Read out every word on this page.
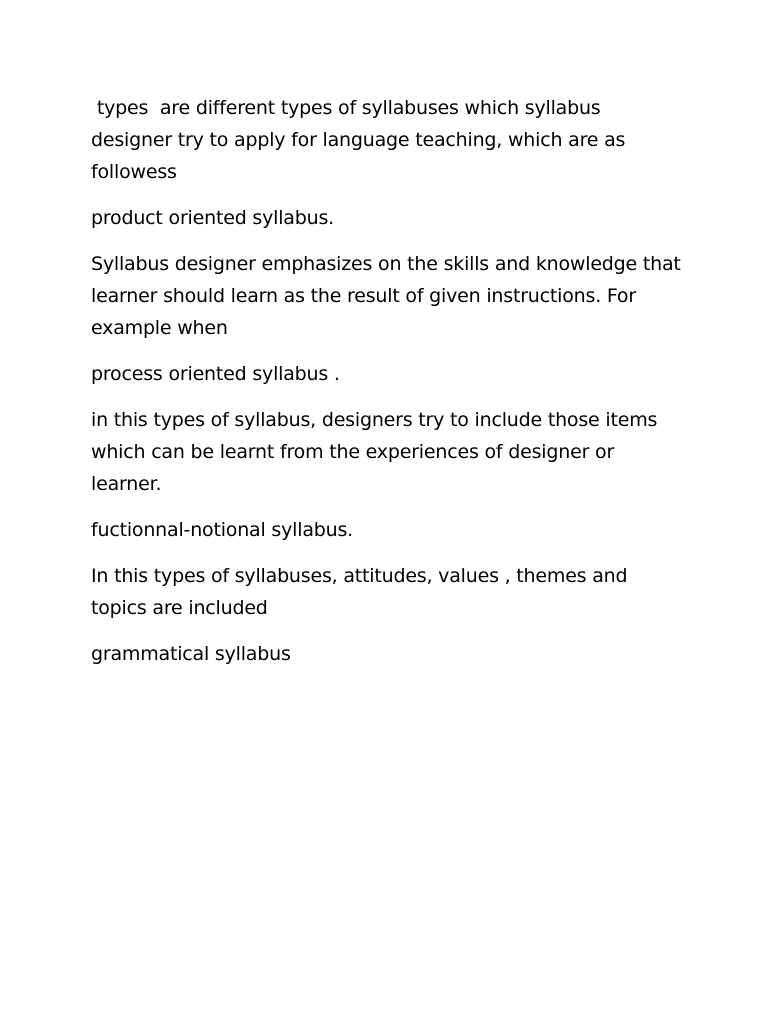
types  are different types of syllabuses which syllabus designer try to apply for language teaching, which are as followess

product oriented syllabus.

Syllabus designer emphasizes on the skills and knowledge that learner should learn as the result of given instructions. For example when

process oriented syllabus .

in this types of syllabus, designers try to include those items which can be learnt from the experiences of designer or learner.

fuctionnal-notional syllabus.

In this types of syllabuses, attitudes, values , themes and topics are included

grammatical syllabus
